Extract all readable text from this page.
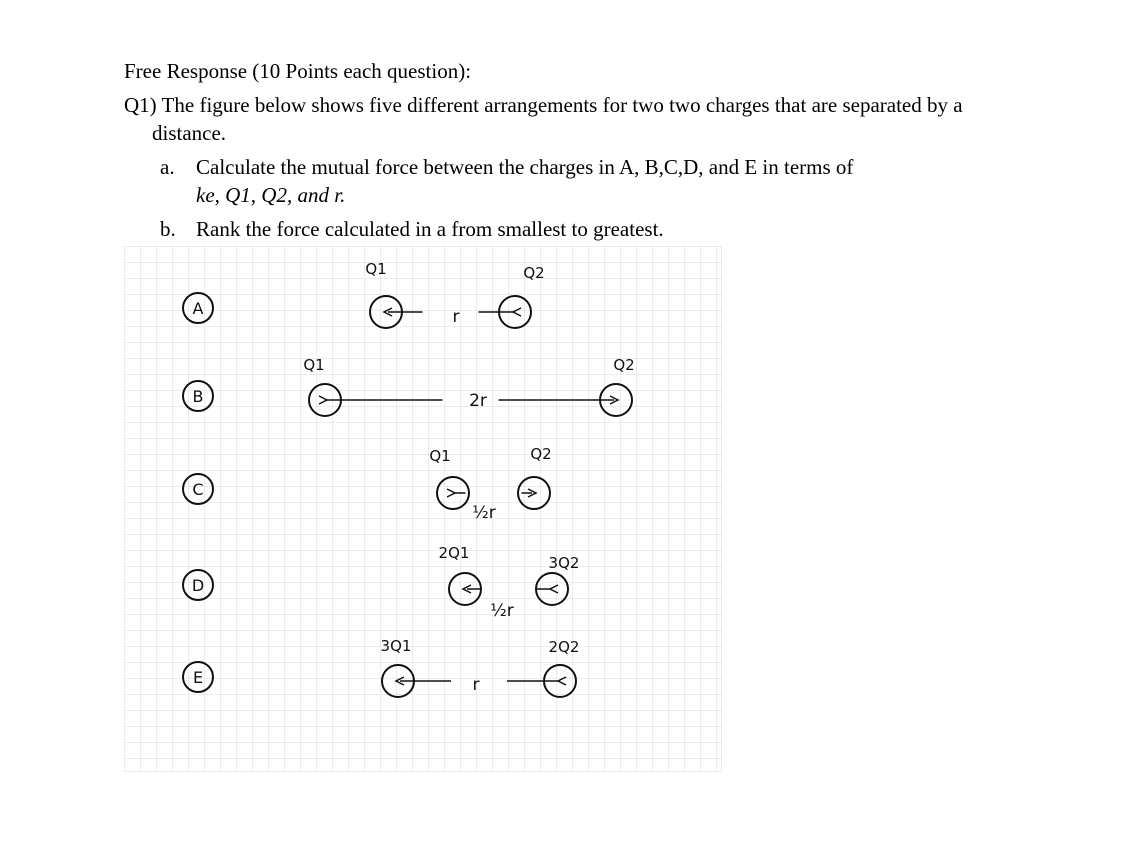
Free Response (10 Points each question):
Q1) The figure below shows five different arrangements for two two charges that are separated by a
distance.
a. Calculate the mutual force between the charges in A, B,C,D, and E in terms of
ke, Q1, Q2, and r.
b. Rank the force calculated in a from smallest to greatest.
A
Q1	Q2
r
B
Q1	Q2
2r
C
Q1	Q2
½r
D
2Q1
3Q2
½r
E
3Q1	2Q2
r
